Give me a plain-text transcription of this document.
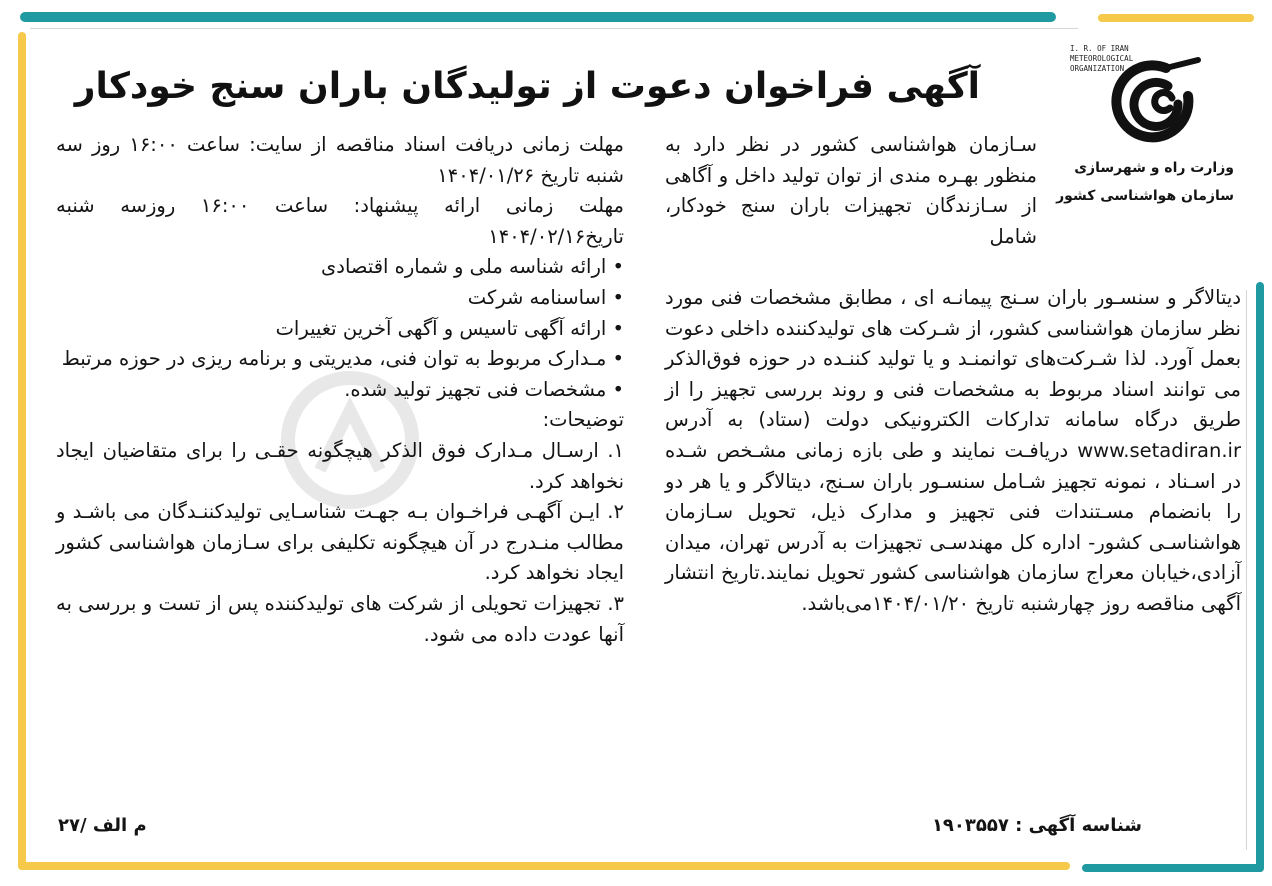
I. R. OF IRAN
METEOROLOGICAL
ORGANIZATION
وزارت راه و شهرسازی
سازمان هواشناسی کشور
آگهی فراخوان دعوت از تولیدگان باران سنج خودکار

سـازمان هواشناسی کشور در نظر دارد به منظور بهـره مندی از توان تولید داخل و آگاهی از سـازندگان تجهیزات باران سنج خودکار، شامل

دیتالاگر و سنسـور باران سـنج پیمانـه ای ، مطابق مشخصات فنی مورد نظر سازمان هواشناسی کشور، از شـرکت های تولیدکننده داخلی دعوت بعمل آورد. لذا شـرکت‌های توانمنـد و یا تولید کننـده در حوزه فوق‌الذکر می توانند اسناد مربوط به مشخصات فنی و روند بررسی تجهیز را از طریق درگاه سامانه تدارکات الکترونیکی دولت (ستاد) به آدرس www.setadiran.ir دریافـت نمایند و طی بازه زمانی مشـخص شـده در اسـناد ، نمونه تجهیز شـامل سنسـور باران سـنج، دیتالاگر و یا هر دو را بانضمام مسـتندات فنی تجهیز و مدارک ذیل، تحویل سـازمان هواشناسـی کشور- اداره کل مهندسـی تجهیزات به آدرس تهران، میدان آزادی،خیابان معراج سازمان هواشناسی کشور تحویل نمایند.تاریخ انتشار آگهی مناقصه روز چهارشنبه تاریخ ۱۴۰۴/۰۱/۲۰می‌باشد.

مهلت زمانی دریافت اسناد مناقصه از سایت: ساعت ۱۶:۰۰ روز سه شنبه تاریخ ۱۴۰۴/۰۱/۲۶

مهلت زمانی ارائه پیشنهاد: ساعت ۱۶:۰۰ روزسه شنبه تاریخ۱۴۰۴/۰۲/۱۶

• ارائه شناسه ملی و شماره اقتصادی

• اساسنامه شرکت

• ارائه آگهی تاسیس و آگهی آخرین تغییرات

• مـدارک مربوط به توان فنی، مدیریتی و برنامه ریزی در حوزه مرتبط

• مشخصات فنی تجهیز تولید شده.

توضیحات:

۱. ارسـال مـدارک فوق الذکر هیچگونه حقـی را برای متقاضیان ایجاد نخواهد کرد.

۲. ایـن آگهـی فراخـوان بـه جهـت شناسـایی تولیدکننـدگان می باشـد و مطالب منـدرج در آن هیچگونه تکلیفی برای سـازمان هواشناسی کشور ایجاد نخواهد کرد.

۳. تجهیزات تحویلی از شرکت های تولیدکننده پس از تست و بررسی به آنها عودت داده می شود.

شناسه آگهی : ۱۹۰۳۵۵۷
م الف /۲۷
